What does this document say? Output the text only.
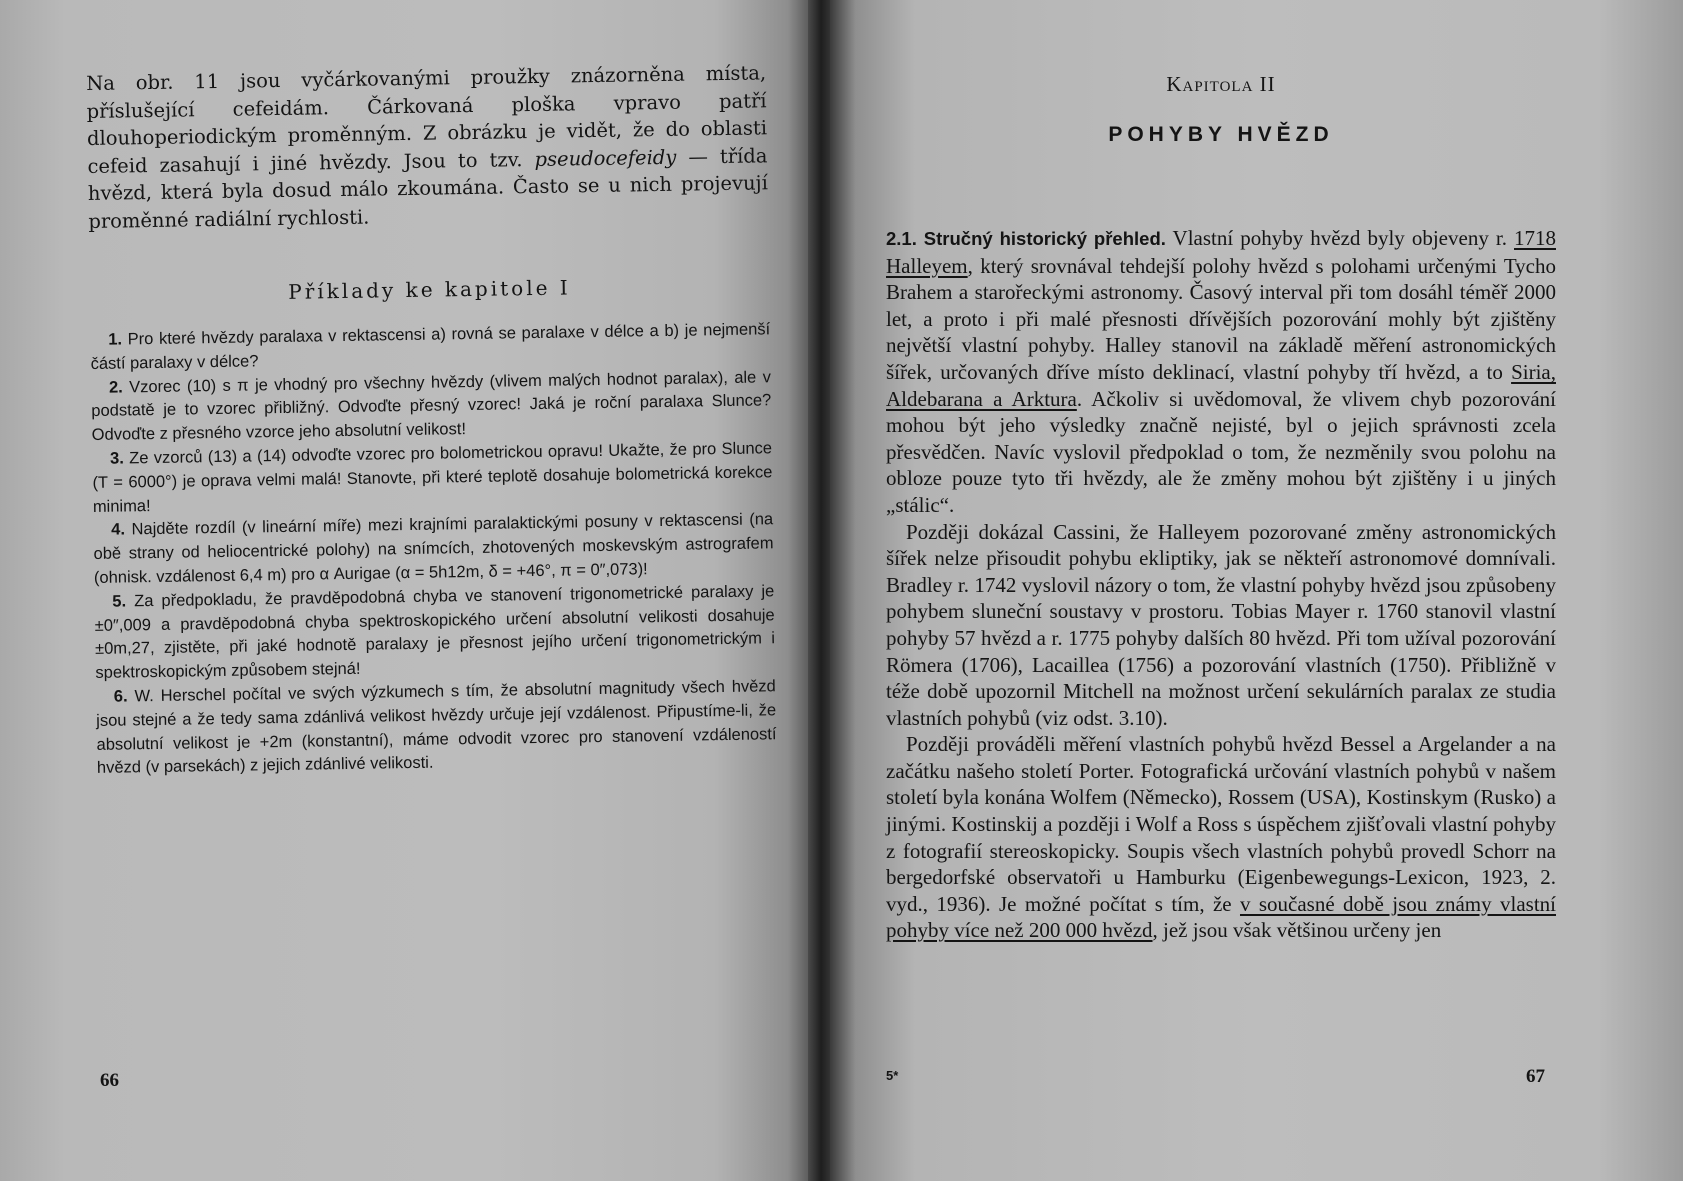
Na obr. 11 jsou vyčárkovanými proužky znázorněna místa, příslušející cefeidám. Čárkovaná ploška vpravo patří dlouhoperiodickým proměnným. Z obrázku je vidět, že do oblasti cefeid zasahují i jiné hvězdy. Jsou to tzv. pseudocefeidy — třída hvězd, která byla dosud málo zkoumána. Často se u nich projevují proměnné radiální rychlosti.

Příklady ke kapitole I

1. Pro které hvězdy paralaxa v rektascensi a) rovná se paralaxe v délce a b) je nejmenší částí paralaxy v délce?

2. Vzorec (10) s π je vhodný pro všechny hvězdy (vlivem malých hodnot paralax), ale v podstatě je to vzorec přibližný. Odvoďte přesný vzorec! Jaká je roční paralaxa Slunce? Odvoďte z přesného vzorce jeho absolutní velikost!

3. Ze vzorců (13) a (14) odvoďte vzorec pro bolometrickou opravu! Ukažte, že pro Slunce (T = 6000°) je oprava velmi malá! Stanovte, při které teplotě dosahuje bolometrická korekce minima!

4. Najděte rozdíl (v lineární míře) mezi krajními paralaktickými posuny v rektascensi (na obě strany od heliocentrické polohy) na snímcích, zhotovených moskevským astrografem (ohnisk. vzdálenost 6,4 m) pro α Aurigae (α = 5h12m, δ = +46°, π = 0″,073)!

5. Za předpokladu, že pravděpodobná chyba ve stanovení trigonometrické paralaxy je ±0″,009 a pravděpodobná chyba spektroskopického určení absolutní velikosti dosahuje ±0m,27, zjistěte, při jaké hodnotě paralaxy je přesnost jejího určení trigonometrickým i spektroskopickým způsobem stejná!

6. W. Herschel počítal ve svých výzkumech s tím, že absolutní magnitudy všech hvězd jsou stejné a že tedy sama zdánlivá velikost hvězdy určuje její vzdálenost. Připustíme-li, že absolutní velikost je +2m (konstantní), máme odvodit vzorec pro stanovení vzdáleností hvězd (v parsekách) z jejich zdánlivé velikosti.

66
Kapitola II
POHYBY HVĚZD

2.1. Stručný historický přehled. Vlastní pohyby hvězd byly objeveny r. 1718 Halleyem, který srovnával tehdejší polohy hvězd s polohami určenými Tycho Brahem a starořeckými astronomy. Časový interval při tom dosáhl téměř 2000 let, a proto i při malé přesnosti dřívějších pozorování mohly být zjištěny největší vlastní pohyby. Halley stanovil na základě měření astronomických šířek, určovaných dříve místo deklinací, vlastní pohyby tří hvězd, a to Siria, Aldebarana a Arktura. Ačkoliv si uvědomoval, že vlivem chyb pozorování mohou být jeho výsledky značně nejisté, byl o jejich správnosti zcela přesvědčen. Navíc vyslovil předpoklad o tom, že nezměnily svou polohu na obloze pouze tyto tři hvězdy, ale že změny mohou být zjištěny i u jiných „stálic“.

Později dokázal Cassini, že Halleyem pozorované změny astronomických šířek nelze přisoudit pohybu ekliptiky, jak se někteří astronomové domnívali. Bradley r. 1742 vyslovil názory o tom, že vlastní pohyby hvězd jsou způsobeny pohybem sluneční soustavy v prostoru. Tobias Mayer r. 1760 stanovil vlastní pohyby 57 hvězd a r. 1775 pohyby dalších 80 hvězd. Při tom užíval pozorování Römera (1706), Lacaillea (1756) a pozorování vlastních (1750). Přibližně v téže době upozornil Mitchell na možnost určení sekulárních paralax ze studia vlastních pohybů (viz odst. 3.10).

Později prováděli měření vlastních pohybů hvězd Bessel a Argelander a na začátku našeho století Porter. Fotografická určování vlastních pohybů v našem století byla konána Wolfem (Německo), Rossem (USA), Kostinskym (Rusko) a jinými. Kostinskij a později i Wolf a Ross s úspěchem zjišťovali vlastní pohyby z fotografií stereoskopicky. Soupis všech vlastních pohybů provedl Schorr na bergedorfské observatoři u Hamburku (Eigenbewegungs-Lexicon, 1923, 2. vyd., 1936). Je možné počítat s tím, že v současné době jsou známy vlastní pohyby více než 200 000 hvězd, jež jsou však většinou určeny jen

5*	67
